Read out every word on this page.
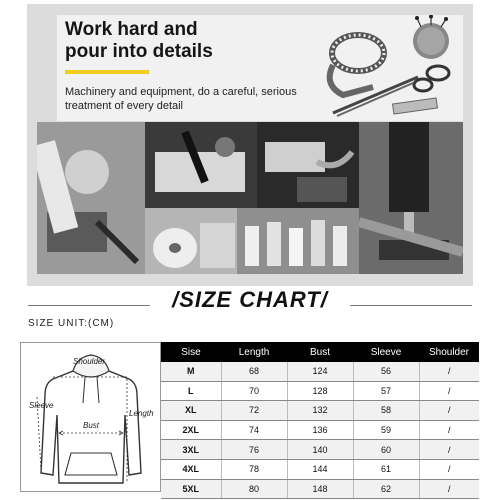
Work hard and
pour into details

Machinery and equipment, do a careful, serious treatment of every detail

/SIZE CHART/
SIZE UNIT:(CM)
Shoulder
Sleeve
Bust
Length
Sise	Length	Bust	Sleeve	Shoulder
M	68	124	56	/
L	70	128	57	/
XL	72	132	58	/
2XL	74	136	59	/
3XL	76	140	60	/
4XL	78	144	61	/
5XL	80	148	62	/
